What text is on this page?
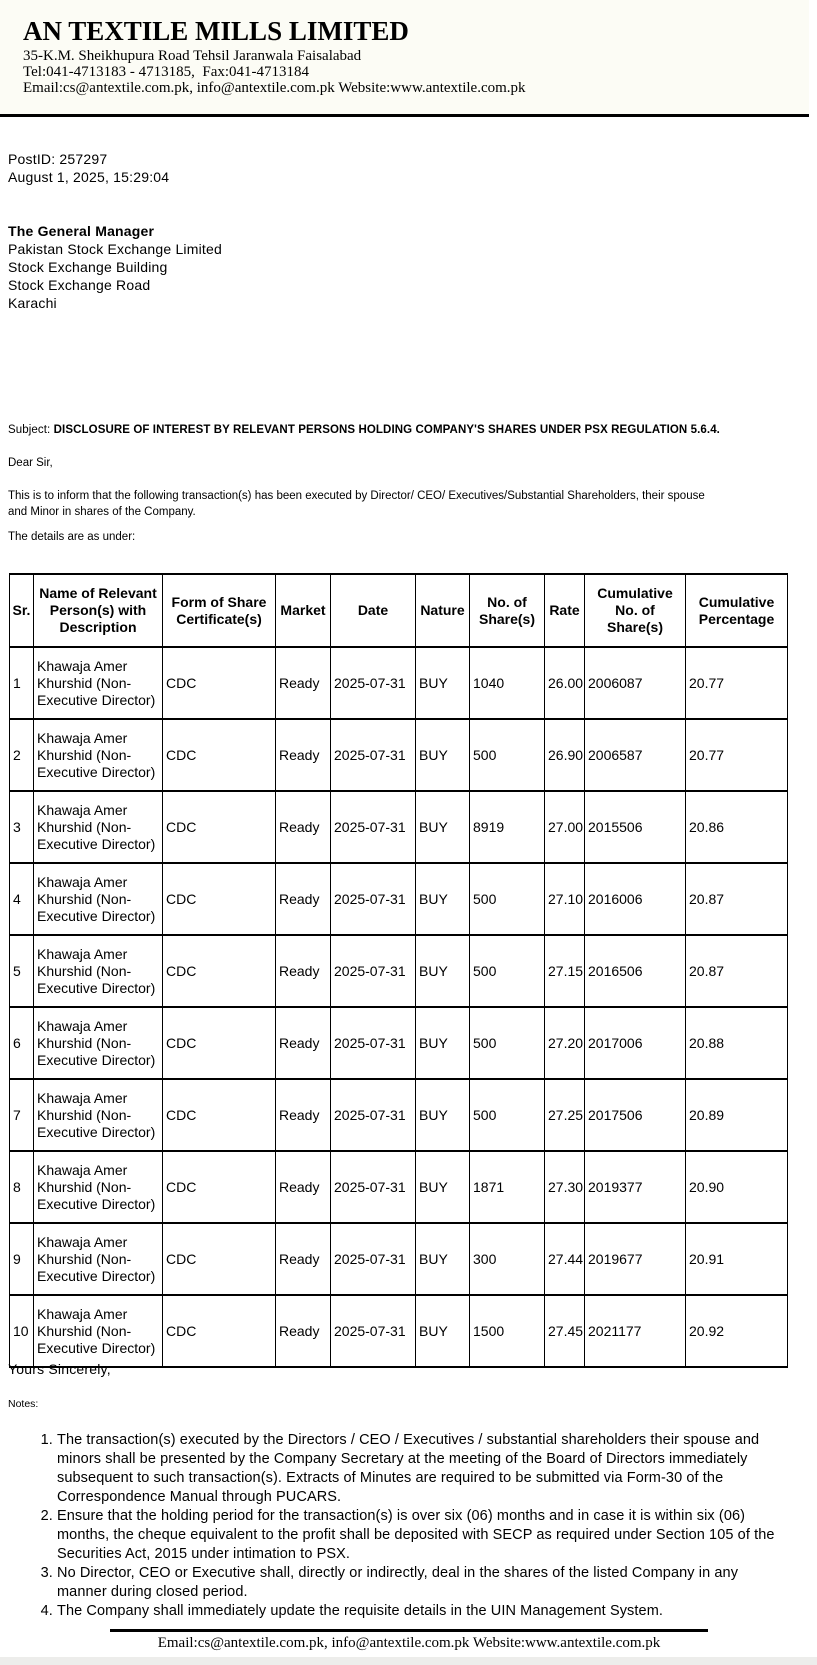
AN TEXTILE MILLS LIMITED
35-K.M. Sheikhupura Road Tehsil Jaranwala Faisalabad
Tel:041-4713183 - 4713185,  Fax:041-4713184
Email:cs@antextile.com.pk, info@antextile.com.pk Website:www.antextile.com.pk
PostID: 257297
August 1, 2025, 15:29:04
The General Manager
Pakistan Stock Exchange Limited
Stock Exchange Building
Stock Exchange Road
Karachi
Subject: DISCLOSURE OF INTEREST BY RELEVANT PERSONS HOLDING COMPANY'S SHARES UNDER PSX REGULATION 5.6.4.
Dear Sir,
This is to inform that the following transaction(s) has been executed by Director/ CEO/ Executives/Substantial Shareholders, their spouse and Minor in shares of the Company.
The details are as under:
Sr.	Name of Relevant Person(s) with Description	Form of Share Certificate(s)	Market	Date	Nature	No. of Share(s)	Rate	Cumulative No. of Share(s)	Cumulative Percentage
1	Khawaja Amer Khurshid (Non-Executive Director)	CDC	Ready	2025-07-31	BUY	1040	26.00	2006087	20.77
2	Khawaja Amer Khurshid (Non-Executive Director)	CDC	Ready	2025-07-31	BUY	500	26.90	2006587	20.77
3	Khawaja Amer Khurshid (Non-Executive Director)	CDC	Ready	2025-07-31	BUY	8919	27.00	2015506	20.86
4	Khawaja Amer Khurshid (Non-Executive Director)	CDC	Ready	2025-07-31	BUY	500	27.10	2016006	20.87
5	Khawaja Amer Khurshid (Non-Executive Director)	CDC	Ready	2025-07-31	BUY	500	27.15	2016506	20.87
6	Khawaja Amer Khurshid (Non-Executive Director)	CDC	Ready	2025-07-31	BUY	500	27.20	2017006	20.88
7	Khawaja Amer Khurshid (Non-Executive Director)	CDC	Ready	2025-07-31	BUY	500	27.25	2017506	20.89
8	Khawaja Amer Khurshid (Non-Executive Director)	CDC	Ready	2025-07-31	BUY	1871	27.30	2019377	20.90
9	Khawaja Amer Khurshid (Non-Executive Director)	CDC	Ready	2025-07-31	BUY	300	27.44	2019677	20.91
10	Khawaja Amer Khurshid (Non-Executive Director)	CDC	Ready	2025-07-31	BUY	1500	27.45	2021177	20.92
Yours Sincerely,
Notes:
1. The transaction(s) executed by the Directors / CEO / Executives / substantial shareholders their spouse and minors shall be presented by the Company Secretary at the meeting of the Board of Directors immediately subsequent to such transaction(s). Extracts of Minutes are required to be submitted via Form-30 of the Correspondence Manual through PUCARS.
2. Ensure that the holding period for the transaction(s) is over six (06) months and in case it is within six (06) months, the cheque equivalent to the profit shall be deposited with SECP as required under Section 105 of the Securities Act, 2015 under intimation to PSX.
3. No Director, CEO or Executive shall, directly or indirectly, deal in the shares of the listed Company in any manner during closed period.
4. The Company shall immediately update the requisite details in the UIN Management System.
Email:cs@antextile.com.pk, info@antextile.com.pk Website:www.antextile.com.pk
